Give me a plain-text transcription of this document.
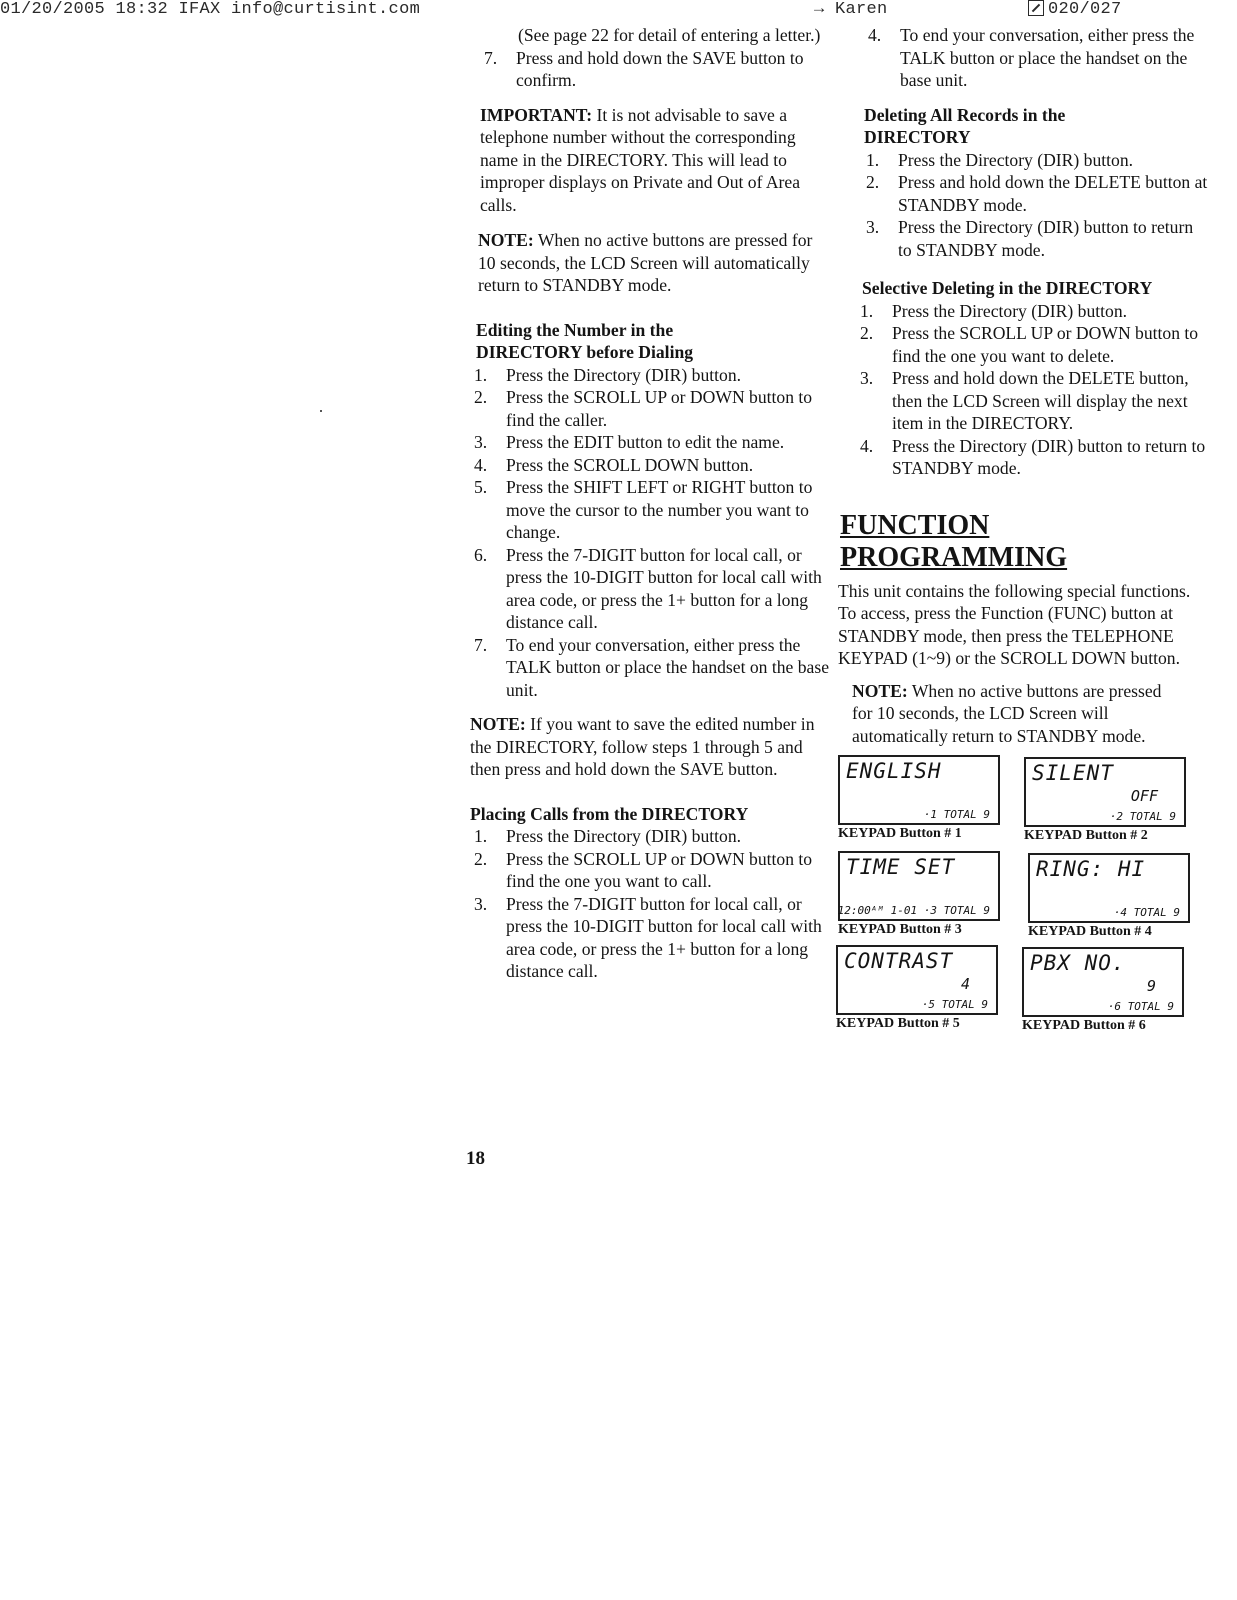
01/20/2005 18:32 IFAX info@curtisint.com	→ Karen	020/027

(See page 22 for detail of entering a letter.)

7.	Press and hold down the SAVE button to confirm.

IMPORTANT: It is not advisable to save a telephone number without the corresponding name in the DIRECTORY. This will lead to improper displays on Private and Out of Area calls.

NOTE: When no active buttons are pressed for 10 seconds, the LCD Screen will automatically return to STANDBY mode.

Editing the Number in the DIRECTORY before Dialing

1.	Press the Directory (DIR) button.
2.	Press the SCROLL UP or DOWN button to find the caller.
3.	Press the EDIT button to edit the name.
4.	Press the SCROLL DOWN button.
5.	Press the SHIFT LEFT or RIGHT button to move the cursor to the number you want to change.
6.	Press the 7-DIGIT button for local call, or press the 10-DIGIT button for local call with area code, or press the 1+ button for a long distance call.
7.	To end your conversation, either press the TALK button or place the handset on the base unit.

NOTE: If you want to save the edited number in the DIRECTORY, follow steps 1 through 5 and then press and hold down the SAVE button.

Placing Calls from the DIRECTORY

1.	Press the Directory (DIR) button.
2.	Press the SCROLL UP or DOWN button to find the one you want to call.
3.	Press the 7-DIGIT button for local call, or press the 10-DIGIT button for local call with area code, or press the 1+ button for a long distance call.
4.	To end your conversation, either press the TALK button or place the handset on the base unit.

Deleting All Records in the DIRECTORY

1.	Press the Directory (DIR) button.
2.	Press and hold down the DELETE button at STANDBY mode.
3.	Press the Directory (DIR) button to return to STANDBY mode.

Selective Deleting in the DIRECTORY

1.	Press the Directory (DIR) button.
2.	Press the SCROLL UP or DOWN button to find the one you want to delete.
3.	Press and hold down the DELETE button, then the LCD Screen will display the next item in the DIRECTORY.
4.	Press the Directory (DIR) button to return to STANDBY mode.
FUNCTION
PROGRAMMING

This unit contains the following special functions. To access, press the Function (FUNC) button at STANDBY mode, then press the TELEPHONE KEYPAD (1~9) or the SCROLL DOWN button.

NOTE: When no active buttons are pressed for 10 seconds, the LCD Screen will automatically return to STANDBY mode.

ENGLISH
·1 TOTAL 9
KEYPAD Button # 1
SILENT
OFF
·2 TOTAL 9
KEYPAD Button # 2
TIME SET
12:00ᴬᴹ 1-01 ·3 TOTAL 9
KEYPAD Button # 3
RING: HI
·4 TOTAL 9
KEYPAD Button # 4
CONTRAST
4
·5 TOTAL 9
KEYPAD Button # 5
PBX NO.
9
·6 TOTAL 9
KEYPAD Button # 6
18
